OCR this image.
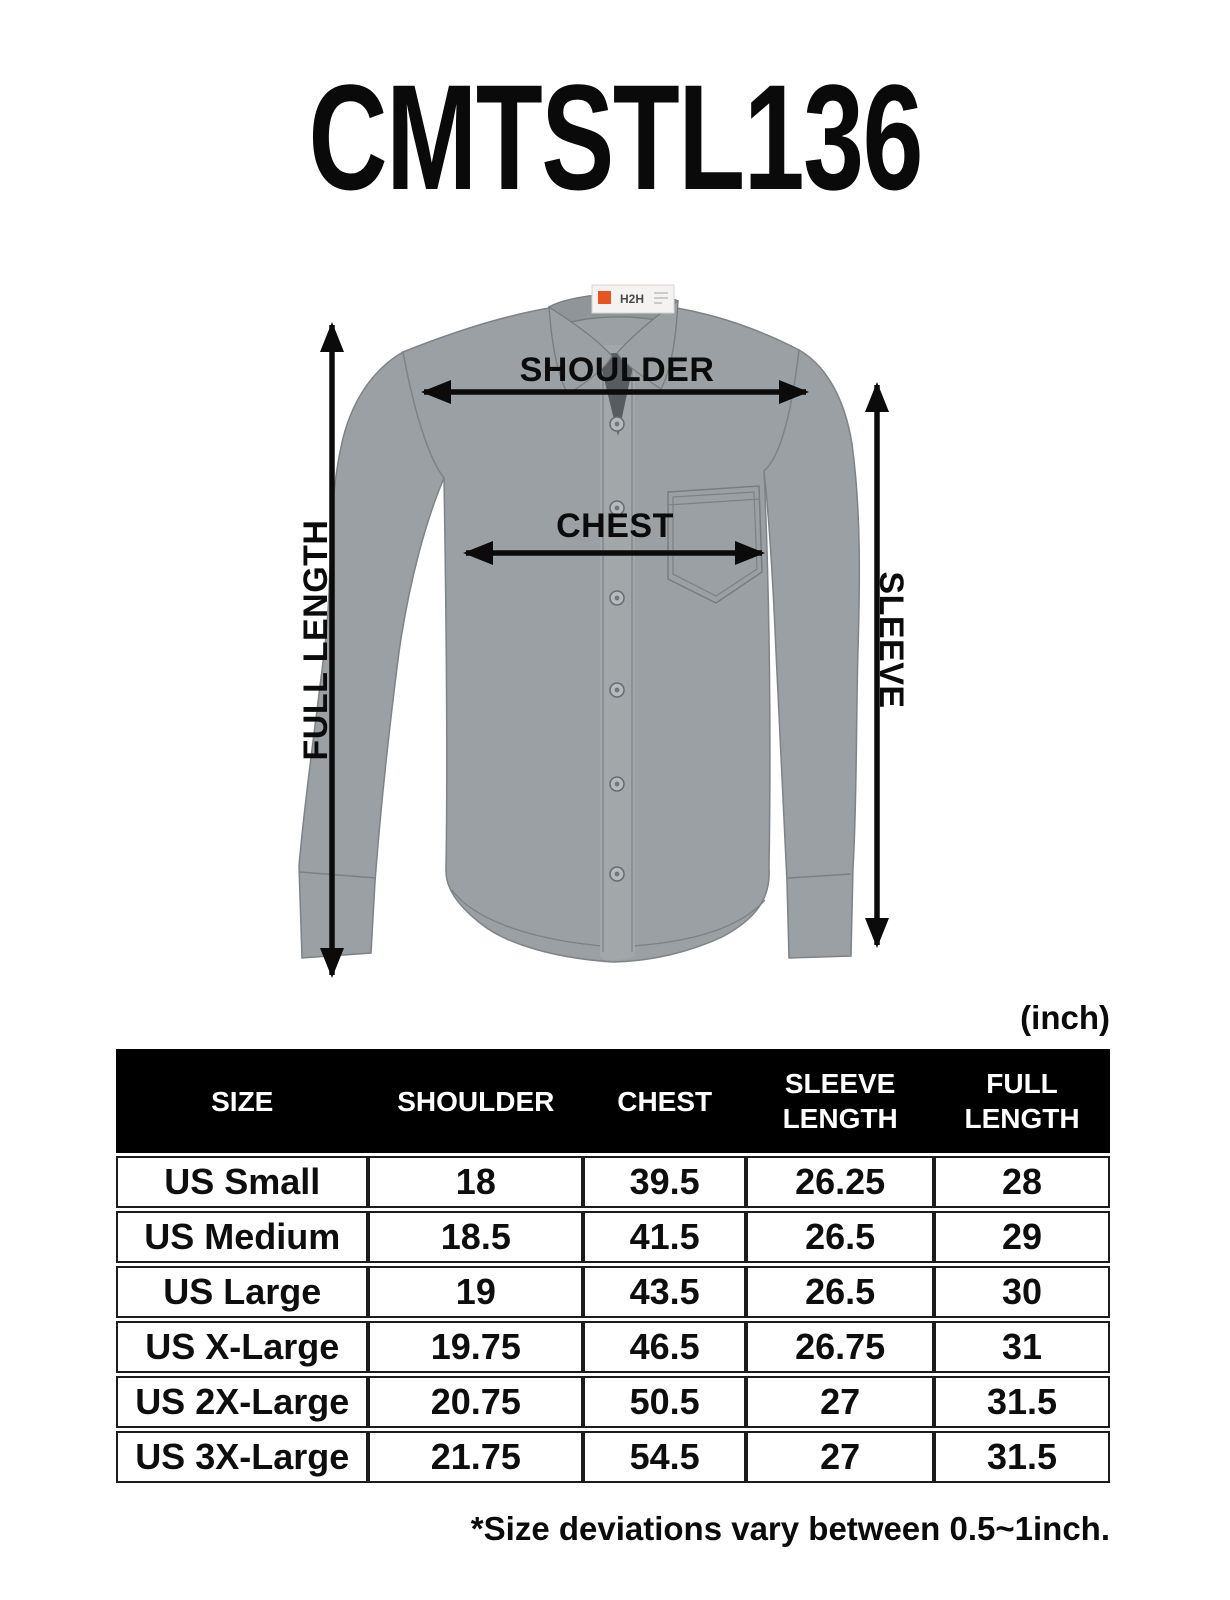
CMTSTL136
H2H
SHOULDER
CHEST
FULL LENGTH	SLEEVE
(inch)
SIZE	SHOULDER	CHEST	SLEEVE LENGTH	FULL LENGTH
US Small	18	39.5	26.25	28
US Medium	18.5	41.5	26.5	29
US Large	19	43.5	26.5	30
US X-Large	19.75	46.5	26.75	31
US 2X-Large	20.75	50.5	27	31.5
US 3X-Large	21.75	54.5	27	31.5
*Size deviations vary between 0.5~1inch.
